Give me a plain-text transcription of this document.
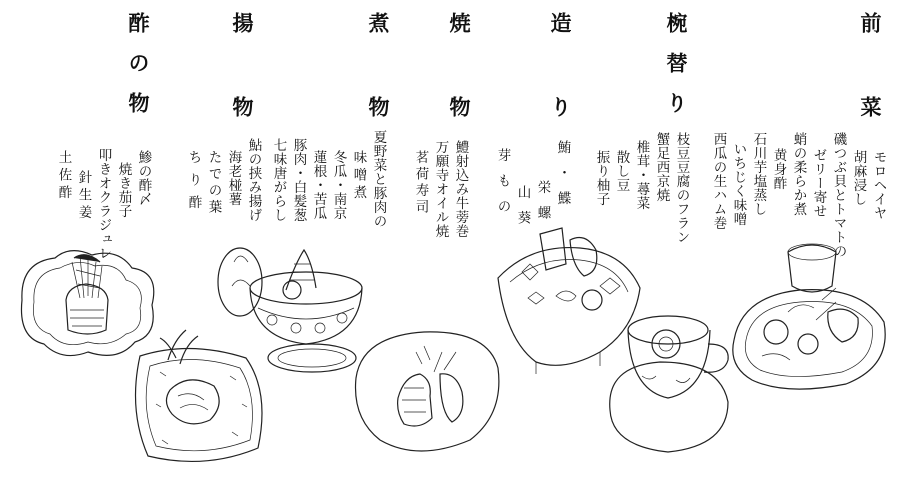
前 菜
椀替り
造 り
焼 物
煮 物
揚 物
酢の物
モロヘイヤ
胡麻浸し
磯つぶ貝とトマトの
ゼリー寄せ
蛸の柔らか煮
黄身酢
石川芋塩蒸し
いちじく味噌
西瓜の生ハム巻
枝豆豆腐のフラン
蟹足西京焼
椎茸・蕁菜
散し豆
振り柚子
鮪・鰈
栄螺
山葵
芽もの
鱧射込み牛蒡巻
万願寺オイル焼
茗荷寿司
夏野菜と豚肉の
味噌煮
冬瓜・南京
蓮根・苦瓜
豚肉・白髪葱
七味唐がらし
鮎の挟み揚げ
海老椪薯
たでの葉
ちり酢
鯵の酢〆
焼き茄子
叩きオクラジュレ
針生姜
土佐酢
